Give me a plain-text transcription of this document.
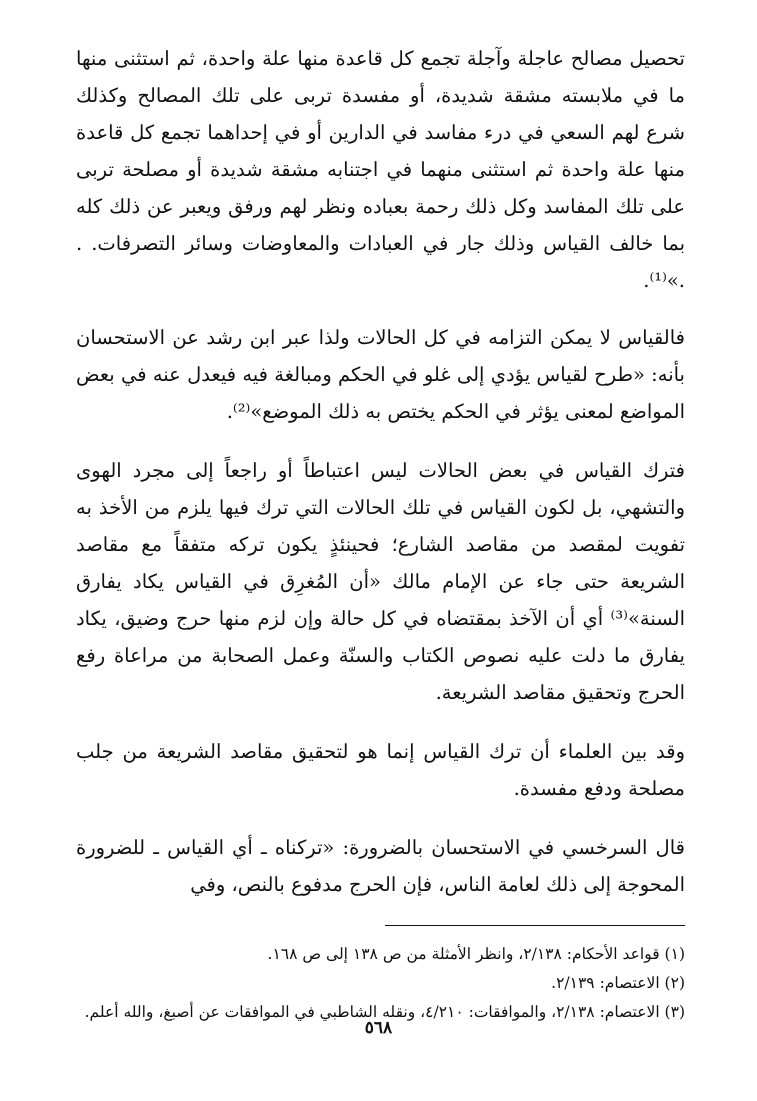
تحصيل مصالح عاجلة وآجلة تجمع كل قاعدة منها علة واحدة، ثم استثنى منها ما في ملابسته مشقة شديدة، أو مفسدة تربى على تلك المصالح وكذلك شرع لهم السعي في درء مفاسد في الدارين أو في إحداهما تجمع كل قاعدة منها علة واحدة ثم استثنى منهما في اجتنابه مشقة شديدة أو مصلحة تربى على تلك المفاسد وكل ذلك رحمة بعباده ونظر لهم ورفق ويعبر عن ذلك كله بما خالف القياس وذلك جار في العبادات والمعاوضات وسائر التصرفات. . .»⁽¹⁾.

فالقياس لا يمكن التزامه في كل الحالات ولذا عبر ابن رشد عن الاستحسان بأنه: «طرح لقياس يؤدي إلى غلو في الحكم ومبالغة فيه فيعدل عنه في بعض المواضع لمعنى يؤثر في الحكم يختص به ذلك الموضع»⁽²⁾.

فترك القياس في بعض الحالات ليس اعتباطاً أو راجعاً إلى مجرد الهوى والتشهي، بل لكون القياس في تلك الحالات التي ترك فيها يلزم من الأخذ به تفويت لمقصد من مقاصد الشارع؛ فحينئذٍ يكون تركه متفقاً مع مقاصد الشريعة حتى جاء عن الإمام مالك «أن المُغرِق في القياس يكاد يفارق السنة»⁽³⁾ أي أن الآخذ بمقتضاه في كل حالة وإن لزم منها حرج وضيق، يكاد يفارق ما دلت عليه نصوص الكتاب والسنّة وعمل الصحابة من مراعاة رفع الحرج وتحقيق مقاصد الشريعة.

وقد بين العلماء أن ترك القياس إنما هو لتحقيق مقاصد الشريعة من جلب مصلحة ودفع مفسدة.

قال السرخسي في الاستحسان بالضرورة: «تركناه ـ أي القياس ـ للضرورة المحوجة إلى ذلك لعامة الناس، فإن الحرج مدفوع بالنص، وفي

(١) قواعد الأحكام: ٢/١٣٨، وانظر الأمثلة من ص ١٣٨ إلى ص ١٦٨.

(٢) الاعتصام: ٢/١٣٩.

(٣) الاعتصام: ٢/١٣٨، والموافقات: ٤/٢١٠، ونقله الشاطبي في الموافقات عن أصبغ، والله أعلم.

٥٦٨
